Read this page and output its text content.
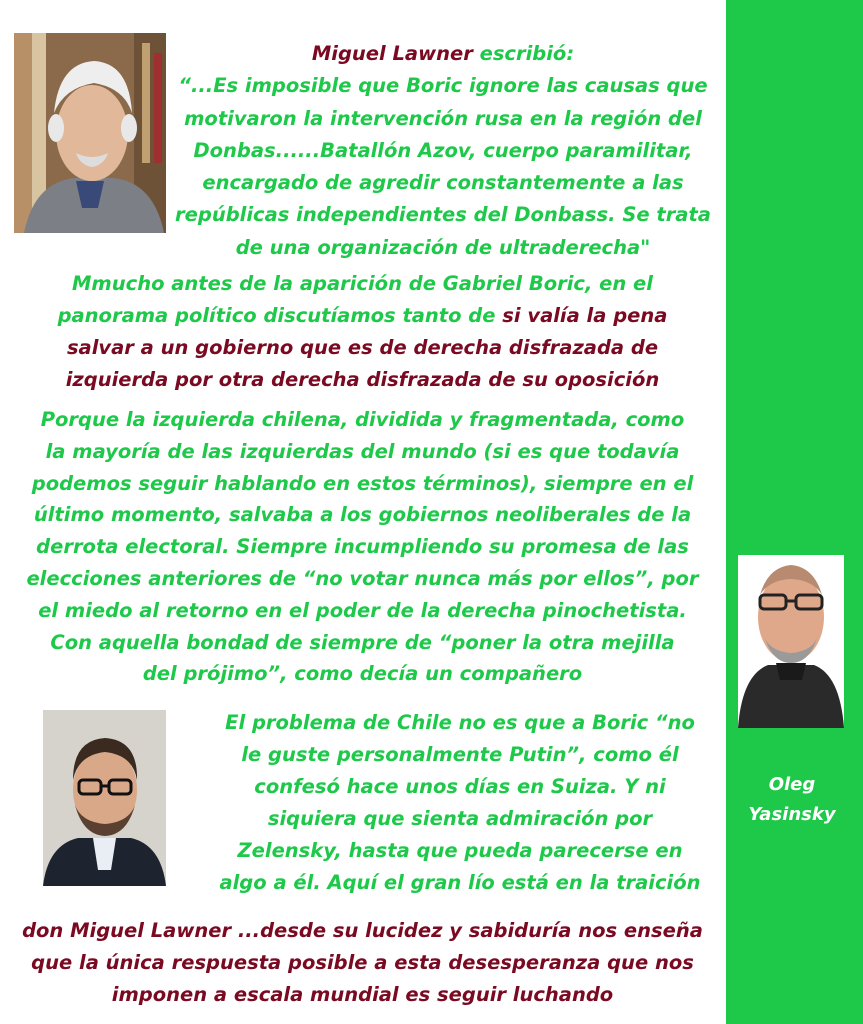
Miguel Lawner escribió:
“...Es imposible que Boric ignore las causas que
motivaron la intervención rusa en la región del
Donbas......Batallón Azov, cuerpo paramilitar,
encargado de agredir constantemente a las
repúblicas independientes del Donbass. Se trata
de una organización de ultraderecha"
Mmucho antes de la aparición de Gabriel Boric, en el
panorama político discutíamos tanto de si valía la pena
salvar a un gobierno que es de derecha disfrazada de
izquierda por otra derecha disfrazada de su oposición
Porque la izquierda chilena, dividida y fragmentada, como
la mayoría de las izquierdas del mundo (si es que todavía
podemos seguir hablando en estos términos), siempre en el
último momento, salvaba a los gobiernos neoliberales de la
derrota electoral. Siempre incumpliendo su promesa de las
elecciones anteriores de “no votar nunca más por ellos”, por
el miedo al retorno en el poder de la derecha pinochetista.
Con aquella bondad de siempre de “poner la otra mejilla
del prójimo”, como decía un compañero
El problema de Chile no es que a Boric “no
le guste personalmente Putin”, como él
confesó hace unos días en Suiza. Y ni
siquiera que sienta admiración por
Zelensky, hasta que pueda parecerse en
algo a él. Aquí el gran lío está en la traición
don Miguel Lawner ...desde su lucidez y sabiduría nos enseña
que la única respuesta posible a esta desesperanza que nos
imponen a escala mundial es seguir luchando
Oleg
Yasinsky
